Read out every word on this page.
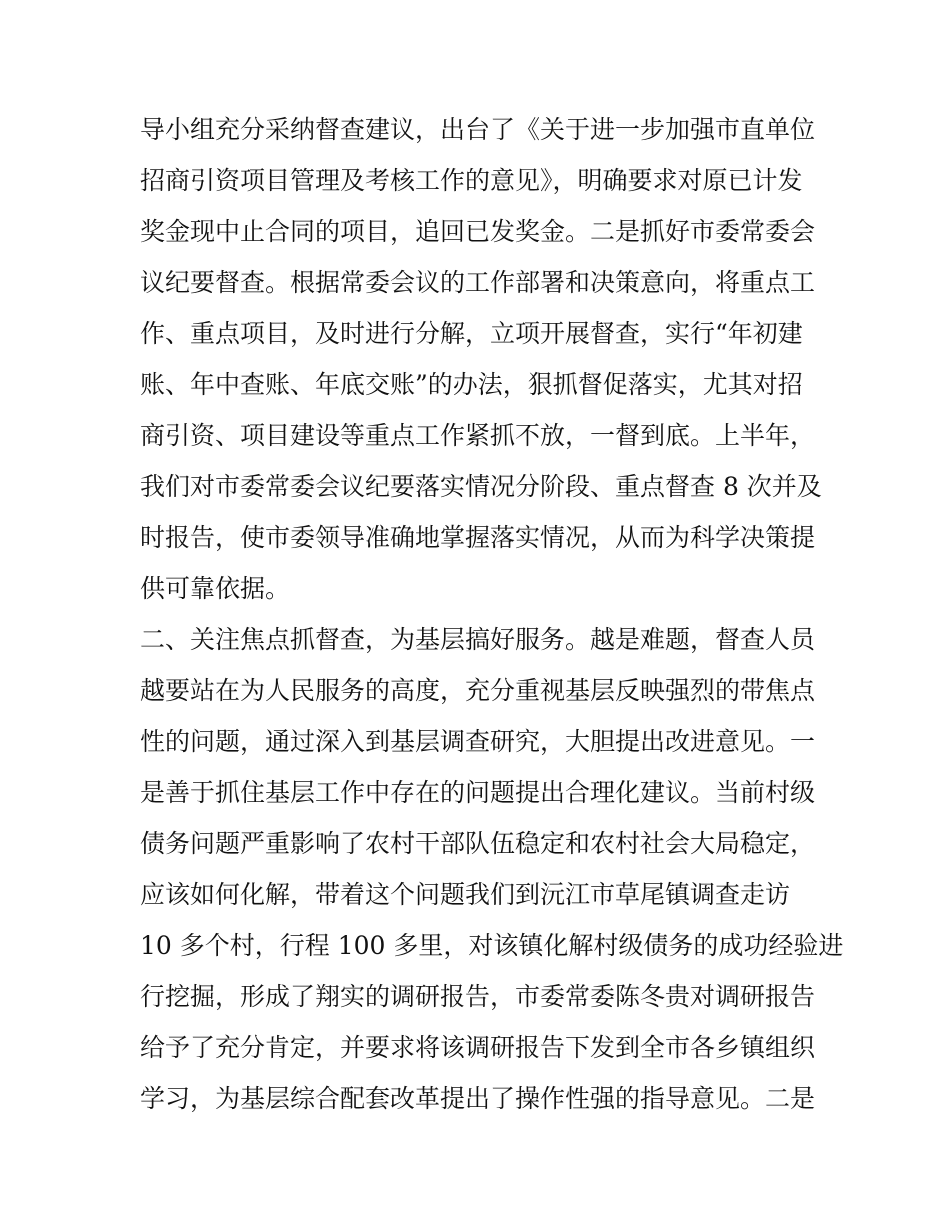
导小组充分采纳督查建议，出台了《关于进一步加强市直单位
招商引资项目管理及考核工作的意见》，明确要求对原已计发
奖金现中止合同的项目，追回已发奖金。二是抓好市委常委会
议纪要督查。根据常委会议的工作部署和决策意向，将重点工
作、重点项目，及时进行分解，立项开展督查，实行“年初建
账、年中查账、年底交账”的办法，狠抓督促落实，尤其对招
商引资、项目建设等重点工作紧抓不放，一督到底。上半年，
我们对市委常委会议纪要落实情况分阶段、重点督查 8 次并及
时报告，使市委领导准确地掌握落实情况，从而为科学决策提
供可靠依据。
二、关注焦点抓督查，为基层搞好服务。越是难题，督查人员
越要站在为人民服务的高度，充分重视基层反映强烈的带焦点
性的问题，通过深入到基层调查研究，大胆提出改进意见。一
是善于抓住基层工作中存在的问题提出合理化建议。当前村级
债务问题严重影响了农村干部队伍稳定和农村社会大局稳定，
应该如何化解，带着这个问题我们到沅江市草尾镇调查走访
10 多个村，行程 100 多里，对该镇化解村级债务的成功经验进
行挖掘，形成了翔实的调研报告，市委常委陈冬贵对调研报告
给予了充分肯定，并要求将该调研报告下发到全市各乡镇组织
学习，为基层综合配套改革提出了操作性强的指导意见。二是
